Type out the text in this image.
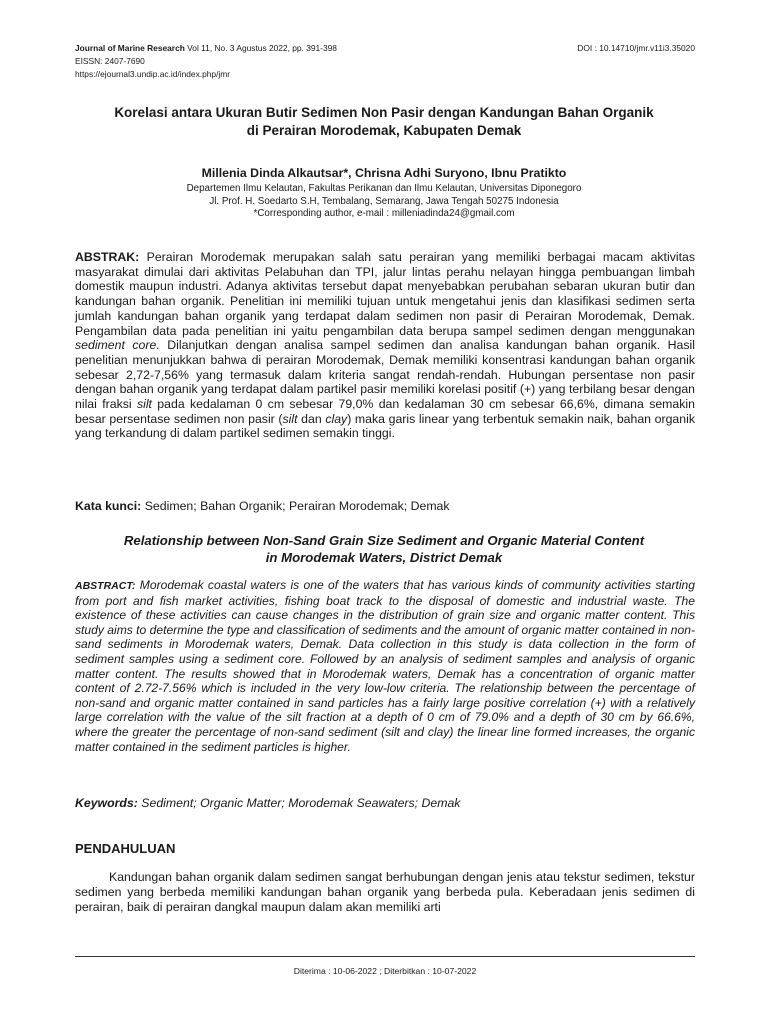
Journal of Marine Research Vol 11, No. 3 Agustus 2022, pp. 391-398	DOI : 10.14710/jmr.v11i3.35020
EISSN: 2407-7690
https://ejournal3.undip.ac.id/index.php/jmr
Korelasi antara Ukuran Butir Sedimen Non Pasir dengan Kandungan Bahan Organik
di Perairan Morodemak, Kabupaten Demak
Millenia Dinda Alkautsar*, Chrisna Adhi Suryono, Ibnu Pratikto
Departemen Ilmu Kelautan, Fakultas Perikanan dan Ilmu Kelautan, Universitas Diponegoro
Jl. Prof. H. Soedarto S.H, Tembalang, Semarang, Jawa Tengah 50275 Indonesia
*Corresponding author, e-mail : milleniadinda24@gmail.com
ABSTRAK: Perairan Morodemak merupakan salah satu perairan yang memiliki berbagai macam aktivitas masyarakat dimulai dari aktivitas Pelabuhan dan TPI, jalur lintas perahu nelayan hingga pembuangan limbah domestik maupun industri. Adanya aktivitas tersebut dapat menyebabkan perubahan sebaran ukuran butir dan kandungan bahan organik. Penelitian ini memiliki tujuan untuk mengetahui jenis dan klasifikasi sedimen serta jumlah kandungan bahan organik yang terdapat dalam sedimen non pasir di Perairan Morodemak, Demak. Pengambilan data pada penelitian ini yaitu pengambilan data berupa sampel sedimen dengan menggunakan sediment core. Dilanjutkan dengan analisa sampel sedimen dan analisa kandungan bahan organik. Hasil penelitian menunjukkan bahwa di perairan Morodemak, Demak memiliki konsentrasi kandungan bahan organik sebesar 2,72-7,56% yang termasuk dalam kriteria sangat rendah-rendah. Hubungan persentase non pasir dengan bahan organik yang terdapat dalam partikel pasir memiliki korelasi positif (+) yang terbilang besar dengan nilai fraksi silt pada kedalaman 0 cm sebesar 79,0% dan kedalaman 30 cm sebesar 66,6%, dimana semakin besar persentase sedimen non pasir (silt dan clay) maka garis linear yang terbentuk semakin naik, bahan organik yang terkandung di dalam partikel sedimen semakin tinggi.
Kata kunci: Sedimen; Bahan Organik; Perairan Morodemak; Demak
Relationship between Non-Sand Grain Size Sediment and Organic Material Content
in Morodemak Waters, District Demak
ABSTRACT: Morodemak coastal waters is one of the waters that has various kinds of community activities starting from port and fish market activities, fishing boat track to the disposal of domestic and industrial waste. The existence of these activities can cause changes in the distribution of grain size and organic matter content. This study aims to determine the type and classification of sediments and the amount of organic matter contained in non-sand sediments in Morodemak waters, Demak. Data collection in this study is data collection in the form of sediment samples using a sediment core. Followed by an analysis of sediment samples and analysis of organic matter content. The results showed that in Morodemak waters, Demak has a concentration of organic matter content of 2.72-7.56% which is included in the very low-low criteria. The relationship between the percentage of non-sand and organic matter contained in sand particles has a fairly large positive correlation (+) with a relatively large correlation with the value of the silt fraction at a depth of 0 cm of 79.0% and a depth of 30 cm by 66.6%, where the greater the percentage of non-sand sediment (silt and clay) the linear line formed increases, the organic matter contained in the sediment particles is higher.
Keywords: Sediment; Organic Matter; Morodemak Seawaters; Demak
PENDAHULUAN
Kandungan bahan organik dalam sedimen sangat berhubungan dengan jenis atau tekstur sedimen, tekstur sedimen yang berbeda memiliki kandungan bahan organik yang berbeda pula. Keberadaan jenis sedimen di perairan, baik di perairan dangkal maupun dalam akan memiliki arti
Diterima : 10-06-2022 ; Diterbitkan : 10-07-2022
